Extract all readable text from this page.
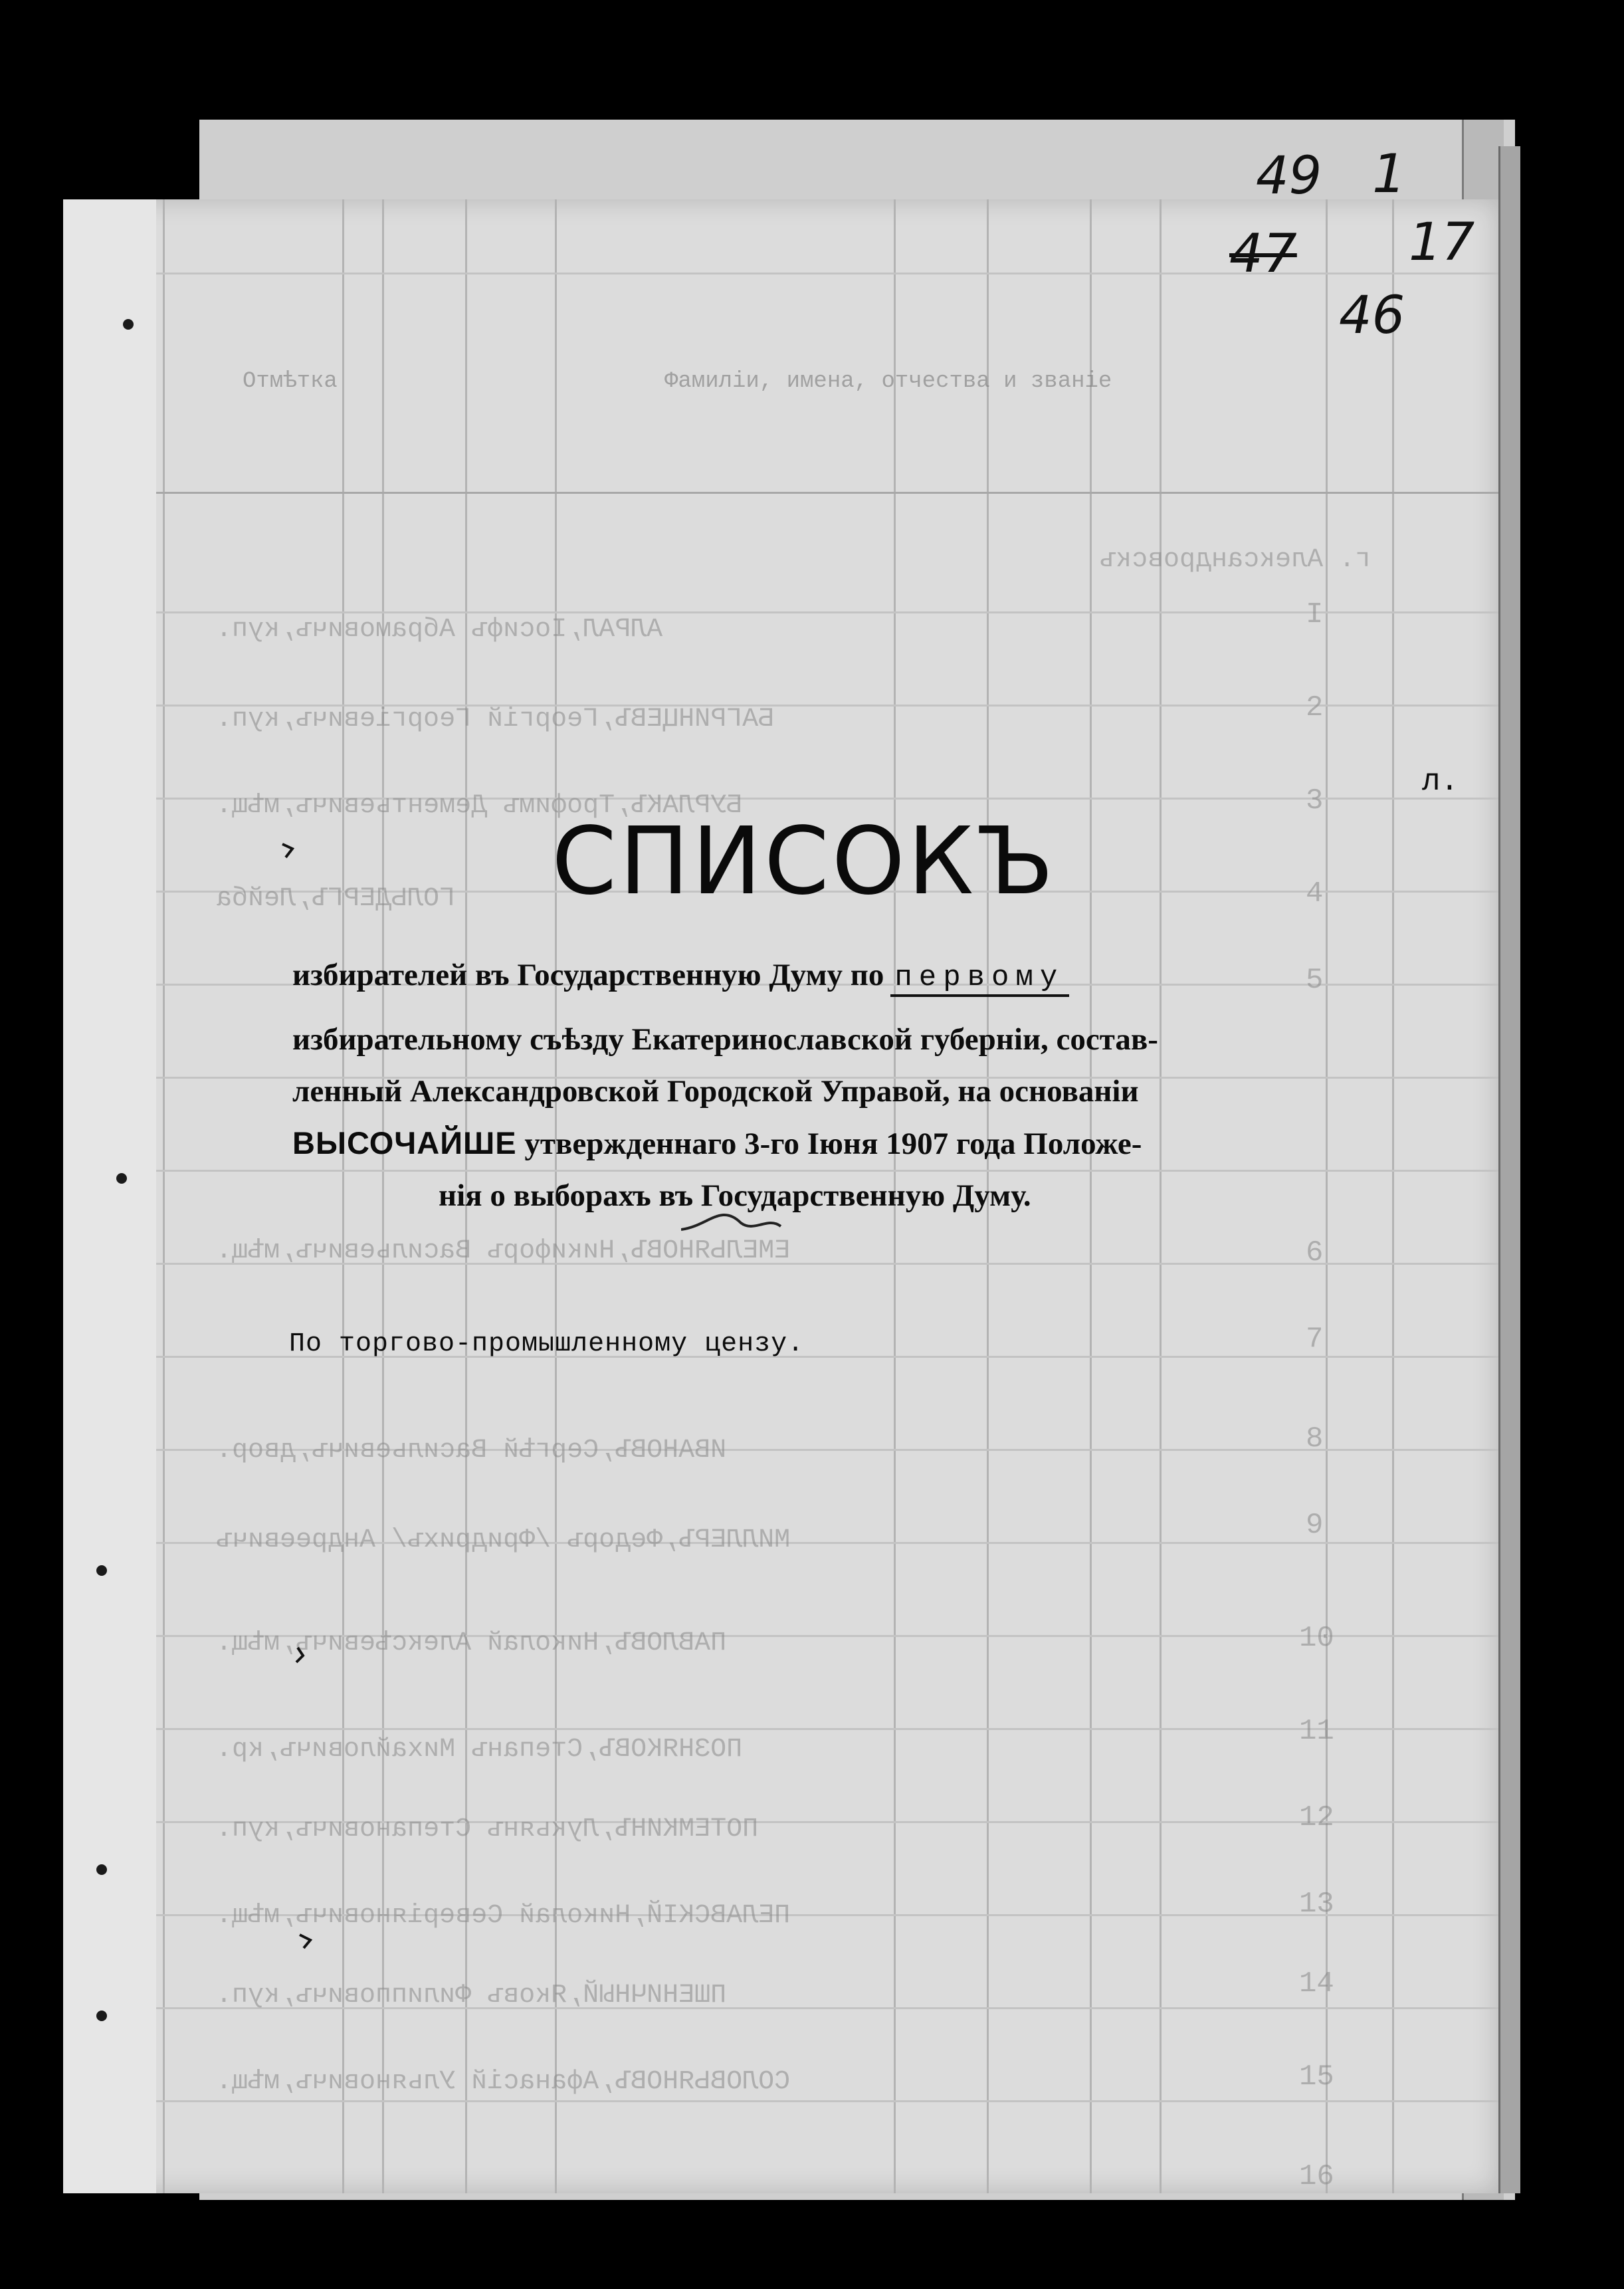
Фамиліи, имена, отчества и званіе
Отмѣтка
г. Александровскъ
АЛРАЛ,Іосифъ Абрамовичъ,куп.
БАГРИНЦЕВЪ,Георгій Георгіевичъ,куп.
БУРЛАКЪ,Трофимъ Дементьевичъ,мѣщ.
ГОЛЬДЕРГЪ,Лейба
ЕМЕЛЬЯНОВЪ,Никифоръ Васильевичъ,мѣщ.
ИВАНОВЪ,Сергѣй Васильевичъ,двор.
МИЛЛЕРЪ,Федоръ /Фридрихъ/ Андреевичъ
ПАВЛОВЪ,Николай Алексѣевичъ,мѣщ.
ПОЗНЯКОВЪ,Степанъ Михайловичъ,кр.
ПОТЕМКИНЪ,Лукьянъ Степановичъ,куп.
ПЕЛАВСКІЙ,Николай Северіяновичъ,мѣщ.
ПШЕНИЧНЫЙ,Яковъ Филипповичъ,куп.
СОЛОВЬЯНОВЪ,Афанасій Ульяновичъ,мѣщ.
I
2
3
4
5
6
7
8
9
10
11
12
13
14
15
16
49 1
47 17
46
СПИСОКЪ
избирателей въ Государственную Думу по первому
избирательному съѣзду Екатеринославской губерніи, состав-
ленный Александровской Городской Управой, на основаніи
ВЫСОЧАЙШЕ утвержденнаго 3-го Іюня 1907 года Положе-
нія о выборахъ въ Государственную Думу.
По торгово-промышленному цензу.
л.
